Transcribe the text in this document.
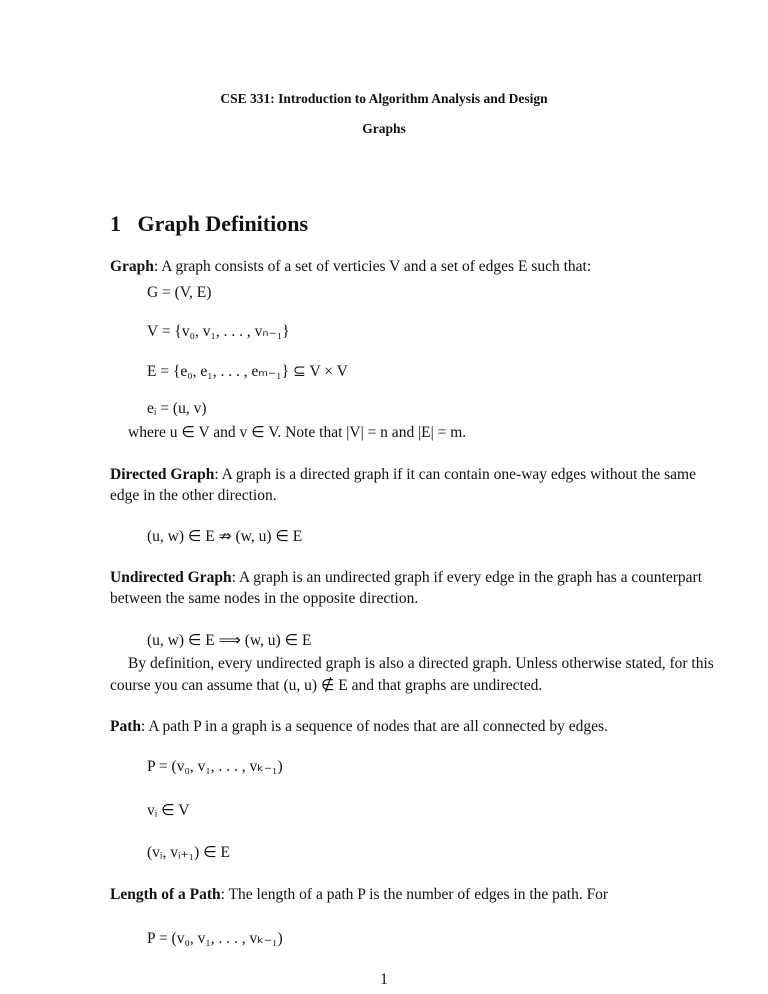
CSE 331: Introduction to Algorithm Analysis and Design
Graphs
1 Graph Definitions
Graph: A graph consists of a set of verticies V and a set of edges E such that:
G = (V, E)
V = {v₀, v₁, . . . , vₙ₋₁}
E = {e₀, e₁, . . . , eₘ₋₁} ⊆ V × V
eᵢ = (u, v)
where u ∈ V and v ∈ V. Note that |V| = n and |E| = m.
Directed Graph: A graph is a directed graph if it can contain one-way edges without the same
edge in the other direction.
(u, w) ∈ E ⇏ (w, u) ∈ E
Undirected Graph: A graph is an undirected graph if every edge in the graph has a counterpart
between the same nodes in the opposite direction.
(u, w) ∈ E ⟹ (w, u) ∈ E
By definition, every undirected graph is also a directed graph. Unless otherwise stated, for this
course you can assume that (u, u) ∉ E and that graphs are undirected.
Path: A path P in a graph is a sequence of nodes that are all connected by edges.
P = (v₀, v₁, . . . , vₖ₋₁)
vᵢ ∈ V
(vᵢ, vᵢ₊₁) ∈ E
Length of a Path: The length of a path P is the number of edges in the path. For
P = (v₀, v₁, . . . , vₖ₋₁)
1
